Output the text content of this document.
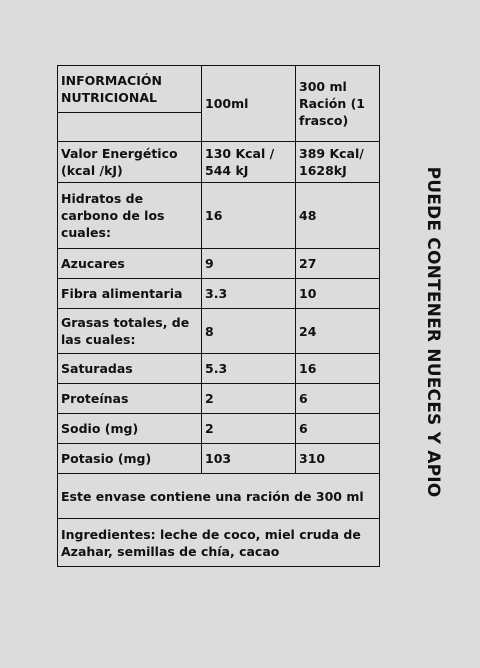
INFORMACIÓN NUTRICIONAL	100ml	300 ml Ración (1 frasco)

Valor Energético (kcal /kJ)	130 Kcal / 544 kJ	389 Kcal/ 1628kJ
Hidratos de carbono de los cuales:	16	48
Azucares	9	27
Fibra alimentaria	3.3	10
Grasas totales, de las cuales:	8	24
Saturadas	5.3	16
Proteínas	2	6
Sodio (mg)	2	6
Potasio (mg)	103	310
Este envase contiene una ración de 300 ml		
Ingredientes: leche de coco, miel cruda de Azahar, semillas de chía, cacao		
PUEDE CONTENER NUECES Y APIO
